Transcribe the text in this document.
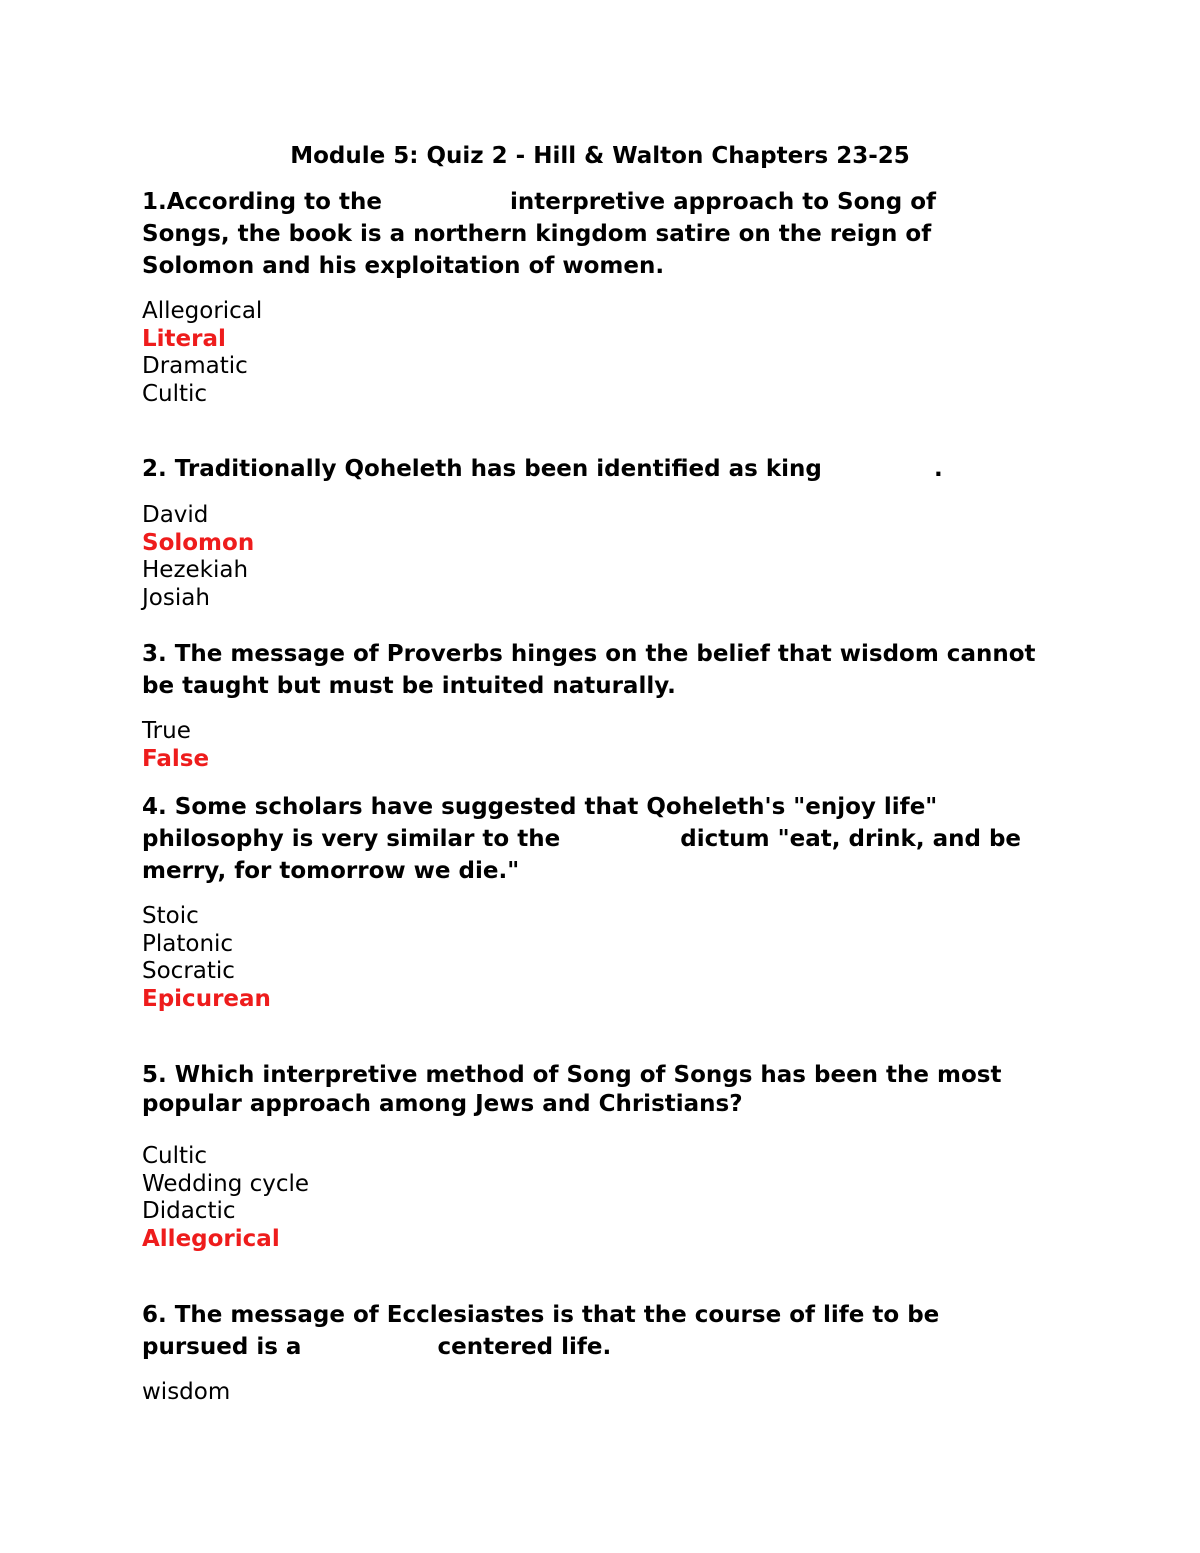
Module 5: Quiz 2 - Hill & Walton Chapters 23-25
1.According to the                interpretive approach to Song of
Songs, the book is a northern kingdom satire on the reign of
Solomon and his exploitation of women.
Allegorical
Literal
Dramatic
Cultic
2. Traditionally Qoheleth has been identified as king              .
David
Solomon
Hezekiah
Josiah
3. The message of Proverbs hinges on the belief that wisdom cannot
be taught but must be intuited naturally.
True
False
4. Some scholars have suggested that Qoheleth's "enjoy life"
philosophy is very similar to the               dictum "eat, drink, and be
merry, for tomorrow we die."
Stoic
Platonic
Socratic
Epicurean
5. Which interpretive method of Song of Songs has been the most
popular approach among Jews and Christians?
Cultic
Wedding cycle
Didactic
Allegorical
6. The message of Ecclesiastes is that the course of life to be
pursued is a                 centered life.
wisdom
